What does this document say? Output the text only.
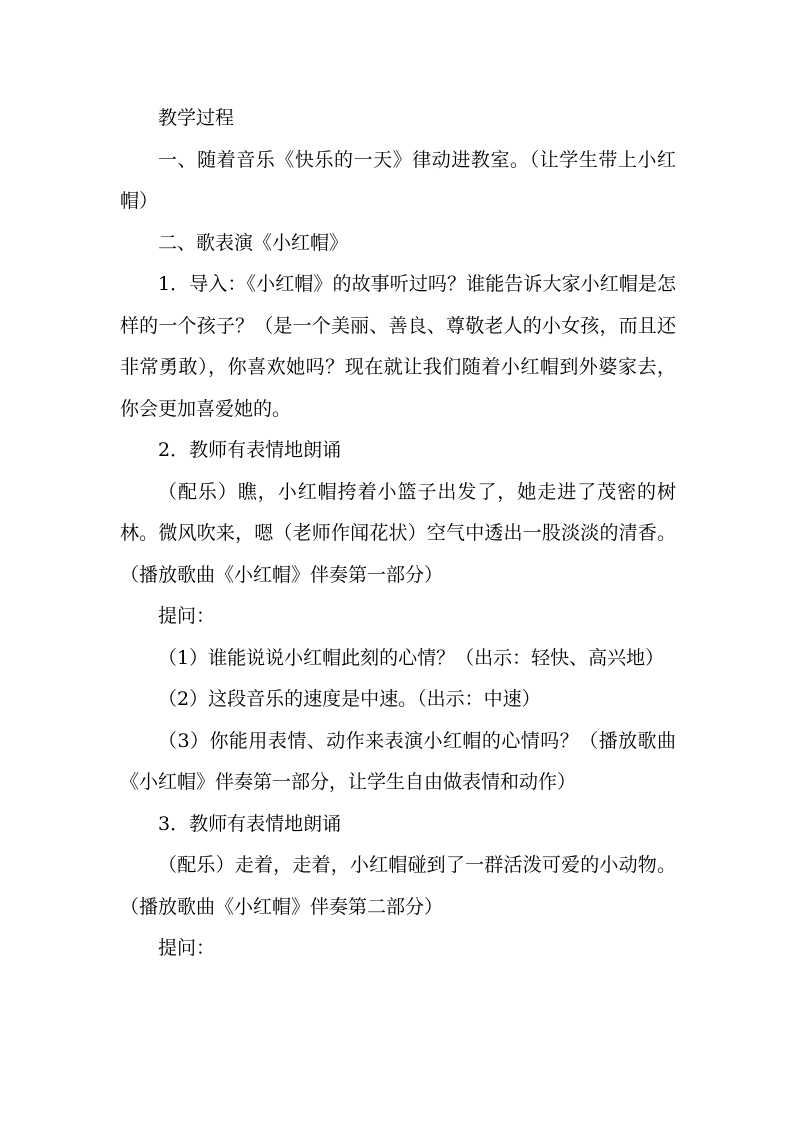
教学过程

一、随着音乐《快乐的一天》律动进教室。（让学生带上小红帽）

二、歌表演《小红帽》

1．导入：《小红帽》的故事听过吗？谁能告诉大家小红帽是怎样的一个孩子？（是一个美丽、善良、尊敬老人的小女孩，而且还非常勇敢），你喜欢她吗？现在就让我们随着小红帽到外婆家去，你会更加喜爱她的。

2．教师有表情地朗诵

（配乐）瞧，小红帽挎着小篮子出发了，她走进了茂密的树林。微风吹来，嗯（老师作闻花状）空气中透出一股淡淡的清香。（播放歌曲《小红帽》伴奏第一部分）

提问：

（1）谁能说说小红帽此刻的心情？（出示：轻快、高兴地）

（2）这段音乐的速度是中速。（出示：中速）

（3）你能用表情、动作来表演小红帽的心情吗？（播放歌曲《小红帽》伴奏第一部分，让学生自由做表情和动作）

3．教师有表情地朗诵

（配乐）走着，走着，小红帽碰到了一群活泼可爱的小动物。（播放歌曲《小红帽》伴奏第二部分）

提问：
